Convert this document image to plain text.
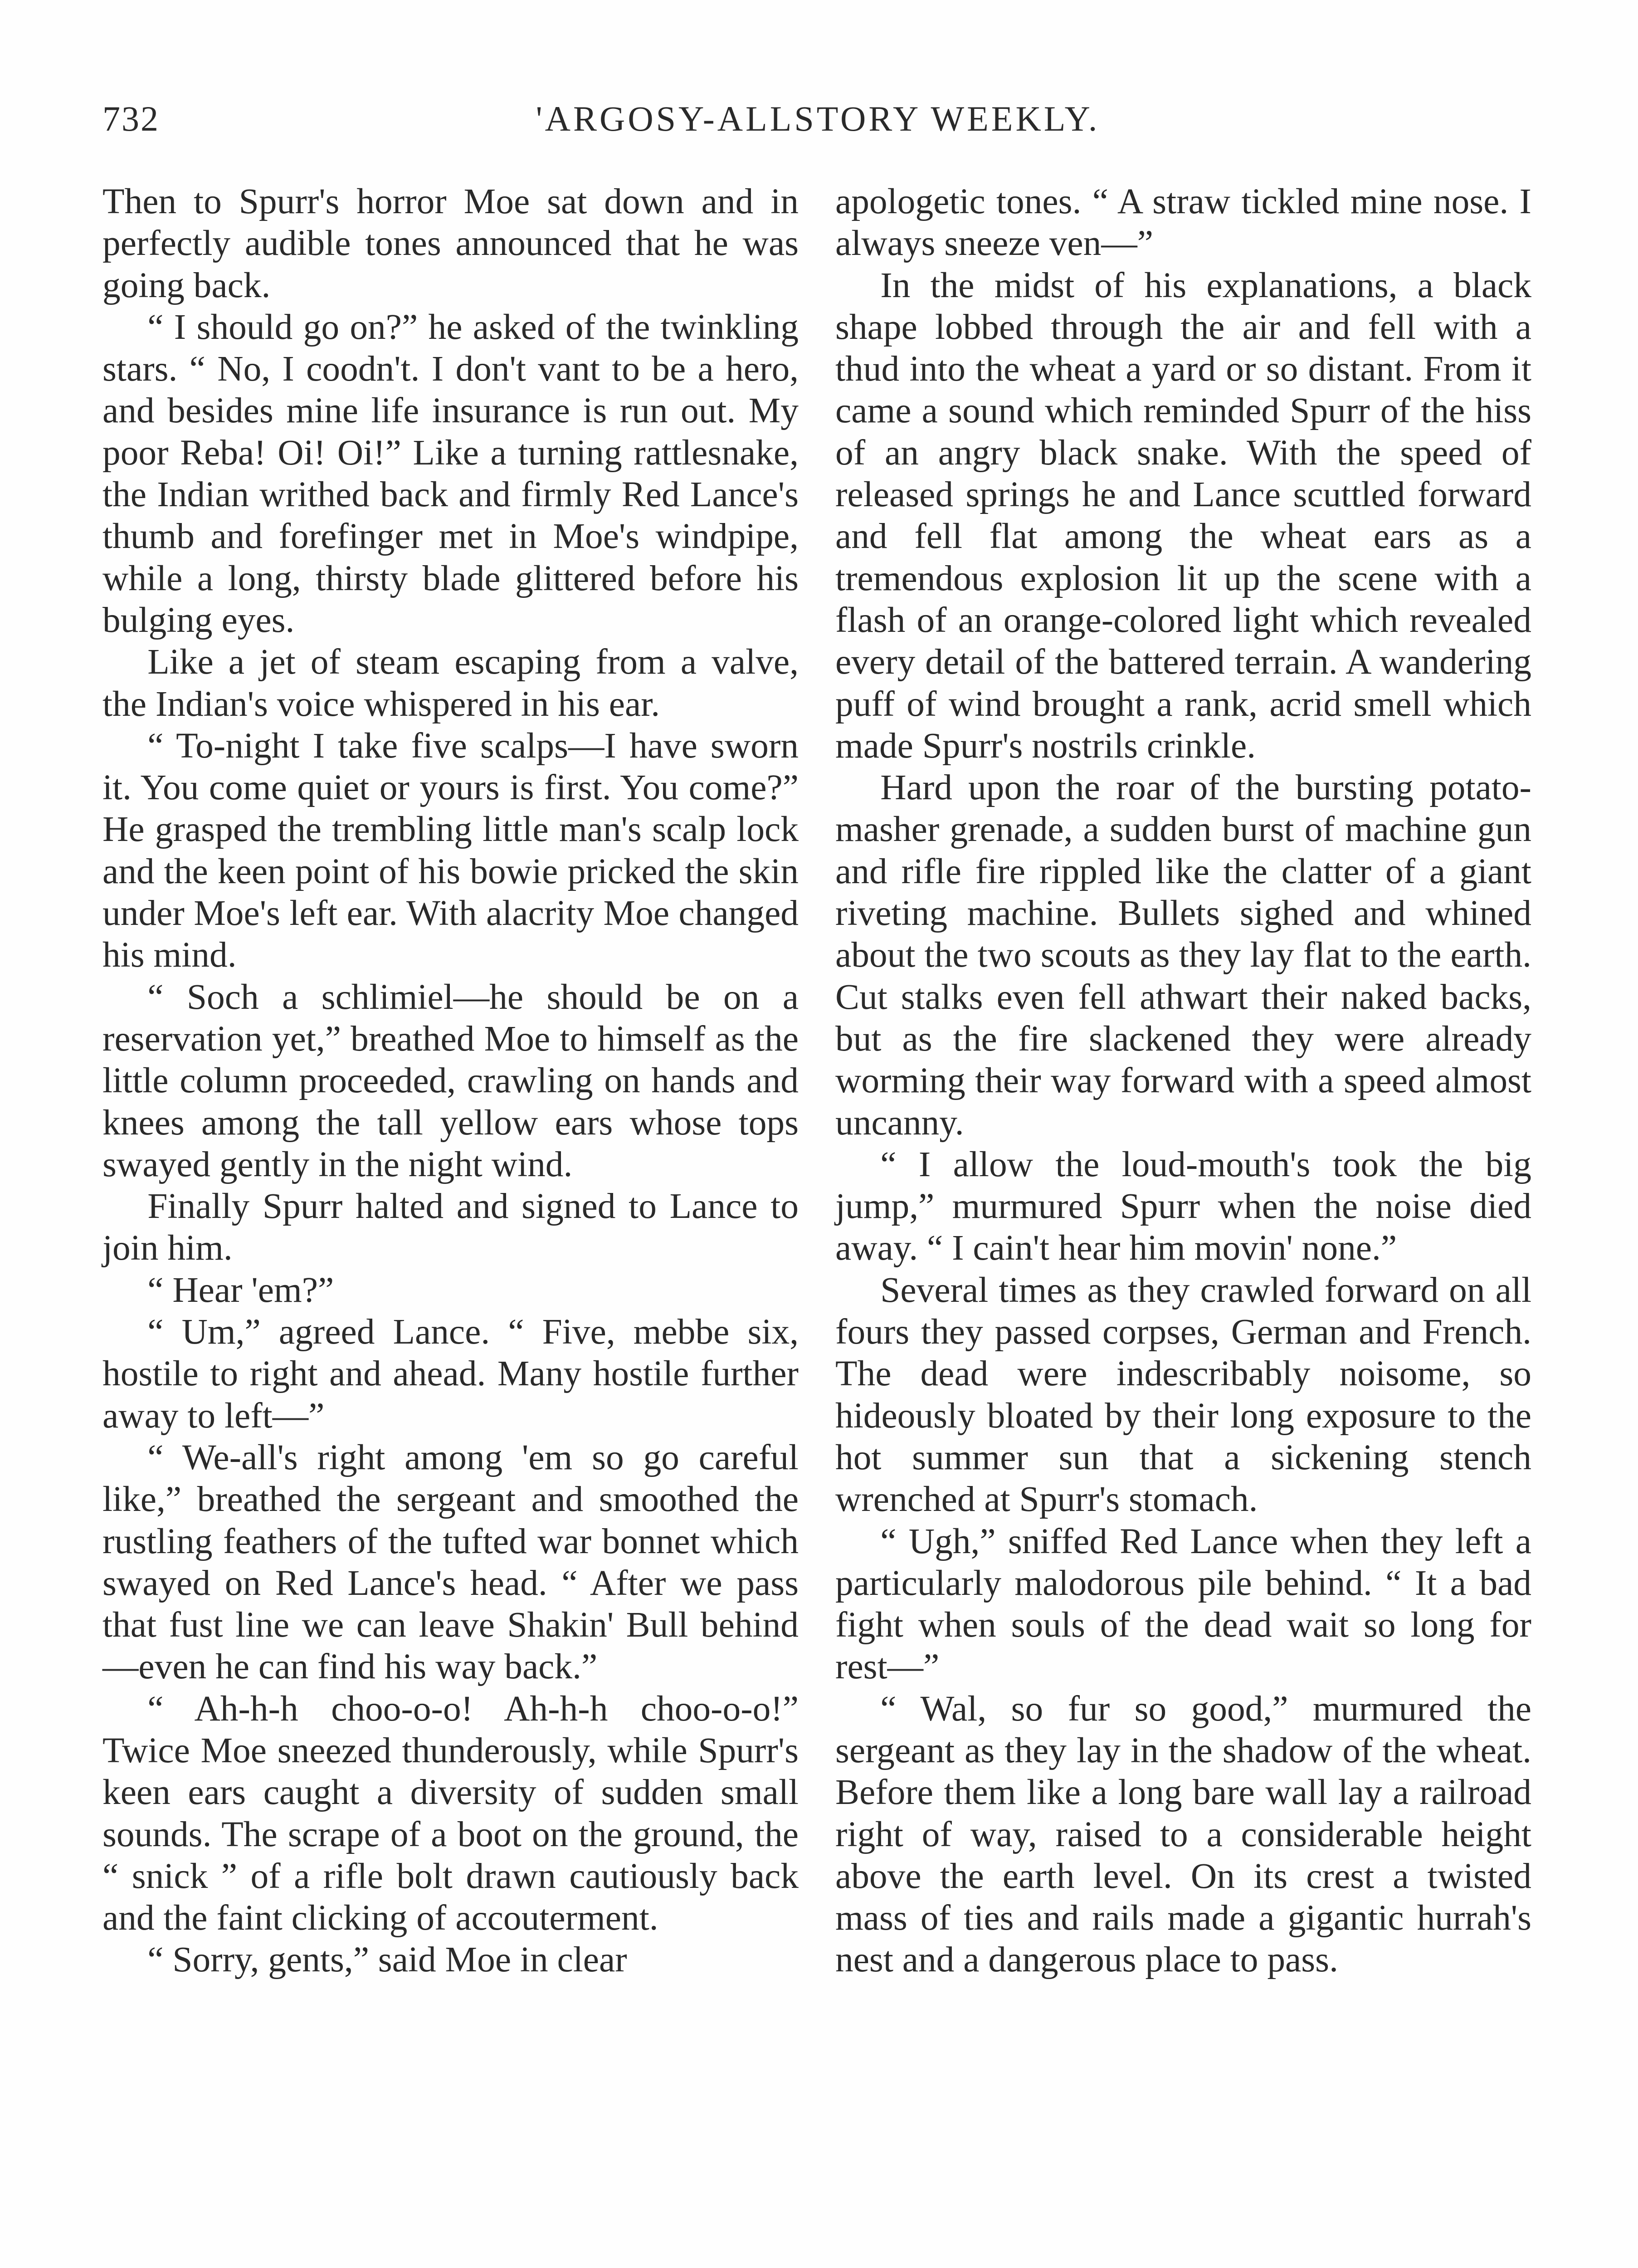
732	'ARGOSY-ALLSTORY WEEKLY.

Then to Spurr's horror Moe sat down and in perfectly audible tones announced that he was going back.

“ I should go on?” he asked of the twinkling stars. “ No, I coodn't. I don't vant to be a hero, and besides mine life insurance is run out. My poor Reba! Oi! Oi!” Like a turning rattlesnake, the Indian writhed back and firmly Red Lance's thumb and forefinger met in Moe's windpipe, while a long, thirsty blade glittered before his bulging eyes.

Like a jet of steam escaping from a valve, the Indian's voice whispered in his ear.

“ To-night I take five scalps—I have sworn it. You come quiet or yours is first. You come?” He grasped the trembling little man's scalp lock and the keen point of his bowie pricked the skin under Moe's left ear. With alacrity Moe changed his mind.

“ Soch a schlimiel—he should be on a reservation yet,” breathed Moe to himself as the little column proceeded, crawling on hands and knees among the tall yellow ears whose tops swayed gently in the night wind.

Finally Spurr halted and signed to Lance to join him.

“ Hear 'em?”

“ Um,” agreed Lance. “ Five, mebbe six, hostile to right and ahead. Many hostile further away to left—”

“ We-all's right among 'em so go careful like,” breathed the sergeant and smoothed the rustling feathers of the tufted war bonnet which swayed on Red Lance's head. “ After we pass that fust line we can leave Shakin' Bull behind—even he can find his way back.”

“ Ah-h-h choo-o-o! Ah-h-h choo-o-o!” Twice Moe sneezed thunderously, while Spurr's keen ears caught a diversity of sudden small sounds. The scrape of a boot on the ground, the “ snick ” of a rifle bolt drawn cautiously back and the faint clicking of accouterment.

“ Sorry, gents,” said Moe in clear

apologetic tones. “ A straw tickled mine nose. I always sneeze ven—”

In the midst of his explanations, a black shape lobbed through the air and fell with a thud into the wheat a yard or so distant. From it came a sound which reminded Spurr of the hiss of an angry black snake. With the speed of released springs he and Lance scuttled forward and fell flat among the wheat ears as a tremendous explosion lit up the scene with a flash of an orange-colored light which revealed every detail of the battered terrain. A wandering puff of wind brought a rank, acrid smell which made Spurr's nostrils crinkle.

Hard upon the roar of the bursting potato-masher grenade, a sudden burst of machine gun and rifle fire rippled like the clatter of a giant riveting machine. Bullets sighed and whined about the two scouts as they lay flat to the earth. Cut stalks even fell athwart their naked backs, but as the fire slackened they were already worming their way forward with a speed almost uncanny.

“ I allow the loud-mouth's took the big jump,” murmured Spurr when the noise died away. “ I cain't hear him movin' none.”

Several times as they crawled forward on all fours they passed corpses, German and French. The dead were indescribably noisome, so hideously bloated by their long exposure to the hot summer sun that a sickening stench wrenched at Spurr's stomach.

“ Ugh,” sniffed Red Lance when they left a particularly malodorous pile behind. “ It a bad fight when souls of the dead wait so long for rest—”

“ Wal, so fur so good,” murmured the sergeant as they lay in the shadow of the wheat. Before them like a long bare wall lay a railroad right of way, raised to a considerable height above the earth level. On its crest a twisted mass of ties and rails made a gigantic hurrah's nest and a dangerous place to pass.
